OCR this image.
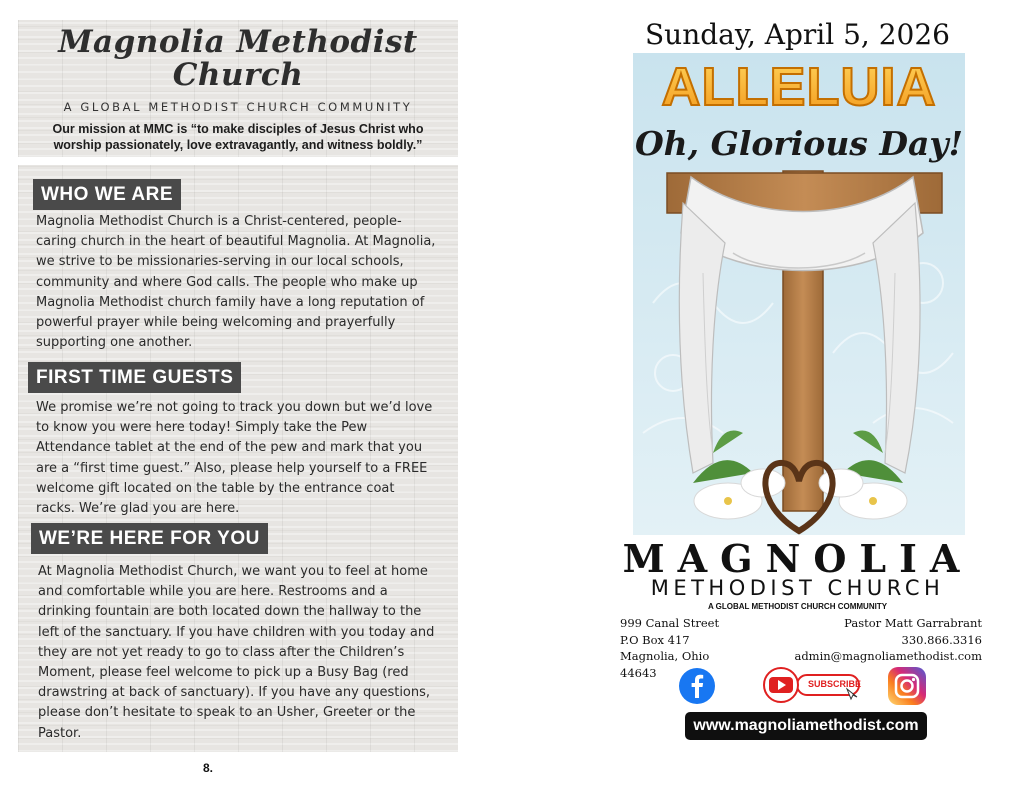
Magnolia Methodist
Church
A GLOBAL METHODIST CHURCH COMMUNITY
Our mission at MMC is “to make disciples of Jesus Christ who
worship passionately, love extravagantly, and witness boldly.”
WHO WE ARE
Magnolia Methodist Church is a Christ-centered, people-
caring church in the heart of beautiful Magnolia. At Magnolia,
we strive to be missionaries-serving in our local schools,
community and where God calls. The people who make up
Magnolia Methodist church family have a long reputation of
powerful prayer while being welcoming and prayerfully
supporting one another.
FIRST TIME GUESTS
We promise we’re not going to track you down but we’d love
to know you were here today! Simply take the Pew
Attendance tablet at the end of the pew and mark that you
are a “first time guest.” Also, please help yourself to a FREE
welcome gift located on the table by the entrance coat
racks. We’re glad you are here.
WE’RE HERE FOR YOU
At Magnolia Methodist Church, we want you to feel at home
and comfortable while you are here. Restrooms and a
drinking fountain are both located down the hallway to the
left of the sanctuary. If you have children with you today and
they are not yet ready to go to class after the Children’s
Moment, please feel welcome to pick up a Busy Bag (red
drawstring at back of sanctuary). If you have any questions,
please don’t hesitate to speak to an Usher, Greeter or the
Pastor.
8.
Sunday, April 5, 2026
ALLELUIA
Oh, Glorious Day!
MAGNOLIA
METHODIST CHURCH
A GLOBAL METHODIST CHURCH COMMUNITY
999 Canal Street
P.O Box 417
Magnolia, Ohio
44643
Pastor Matt Garrabrant
330.866.3316
admin@magnoliamethodist.com
SUBSCRIBE
www.magnoliamethodist.com
